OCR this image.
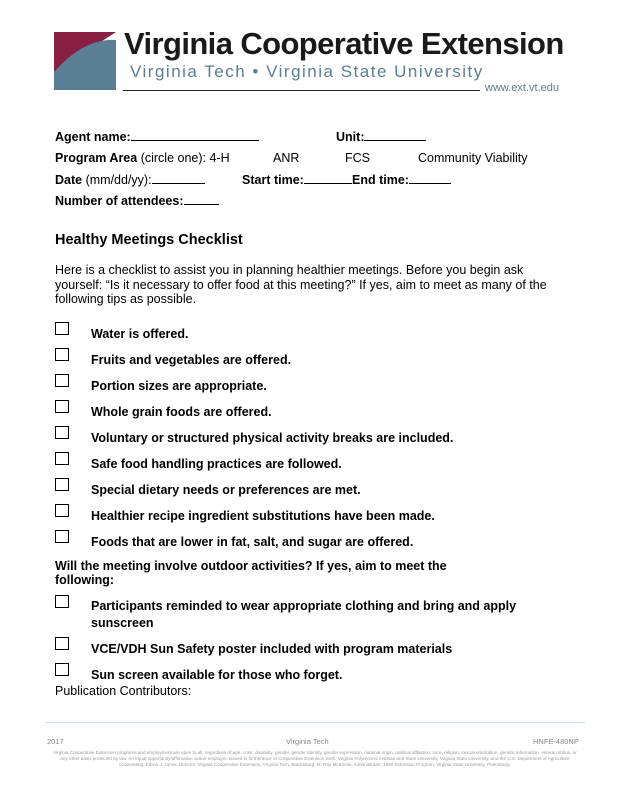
Virginia Cooperative Extension
Virginia Tech • Virginia State University
www.ext.vt.edu
Agent name:	Unit:
Program Area (circle one): 4-H	ANR	FCS	Community Viability
Date (mm/dd/yy):	Start time:	End time:
Number of attendees:
Healthy Meetings Checklist
Here is a checklist to assist you in planning healthier meetings. Before you begin ask yourself: “Is it necessary to offer food at this meeting?” If yes, aim to meet as many of the following tips as possible.
Water is offered.
Fruits and vegetables are offered.
Portion sizes are appropriate.
Whole grain foods are offered.
Voluntary or structured physical activity breaks are included.
Safe food handling practices are followed.
Special dietary needs or preferences are met.
Healthier recipe ingredient substitutions have been made.
Foods that are lower in fat, salt, and sugar are offered.
Will the meeting involve outdoor activities? If yes, aim to meet the following:
Participants reminded to wear appropriate clothing and bring and apply sunscreen
VCE/VDH Sun Safety poster included with program materials
Sun screen available for those who forget.
Publication Contributors:
2017	Virginia Tech	HNFE-480NP
Virginia Cooperative Extension programs and employment are open to all, regardless of age, color, disability, gender, gender identity, gender expression, national origin, political affiliation, race, religion, sexual orientation, genetic information, veteran status, or any other basis protected by law. An equal opportunity/affirmative action employer. Issued in furtherance of Cooperative Extension work, Virginia Polytechnic Institute and State University, Virginia State University, and the U.S. Department of Agriculture cooperating. Edwin J. Jones, Director, Virginia Cooperative Extension, Virginia Tech, Blacksburg; M. Ray McKinnie, Administrator, 1890 Extension Program, Virginia State University, Petersburg.
